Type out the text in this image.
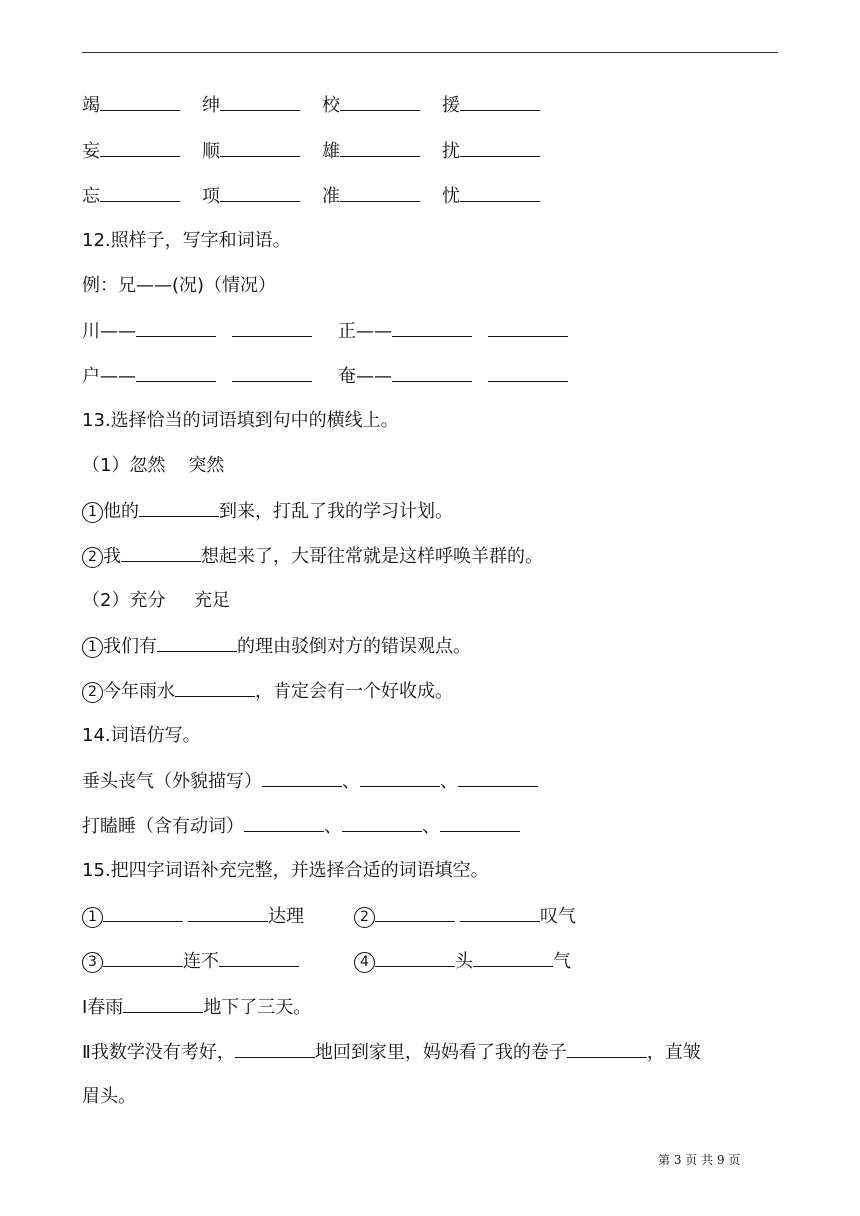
竭	绅	校	援
妄	顺	雄	扰
忘	项	准	忧
12.照样子，写字和词语。
例：兄——(况)（情况）
川——	正——
户——	奄——
13.选择恰当的词语填到句中的横线上。
（1）忽然    突然
1 他的	到来，打乱了我的学习计划。
2 我	想起来了，大哥往常就是这样呼唤羊群的。
（2）充分     充足
1 我们有	的理由驳倒对方的错误观点。
2 今年雨水	，肯定会有一个好收成。
14.词语仿写。
垂头丧气（外貌描写）	、	、
打瞌睡（含有动词）	、	、
15.把四字词语补充完整，并选择合适的词语填空。
1	达理	2	叹气
3	连不	4	头	气
Ⅰ春雨	地下了三天。
Ⅱ我数学没有考好，	地回到家里，妈妈看了我的卷子	，直皱
眉头。
第 3 页 共 9 页
